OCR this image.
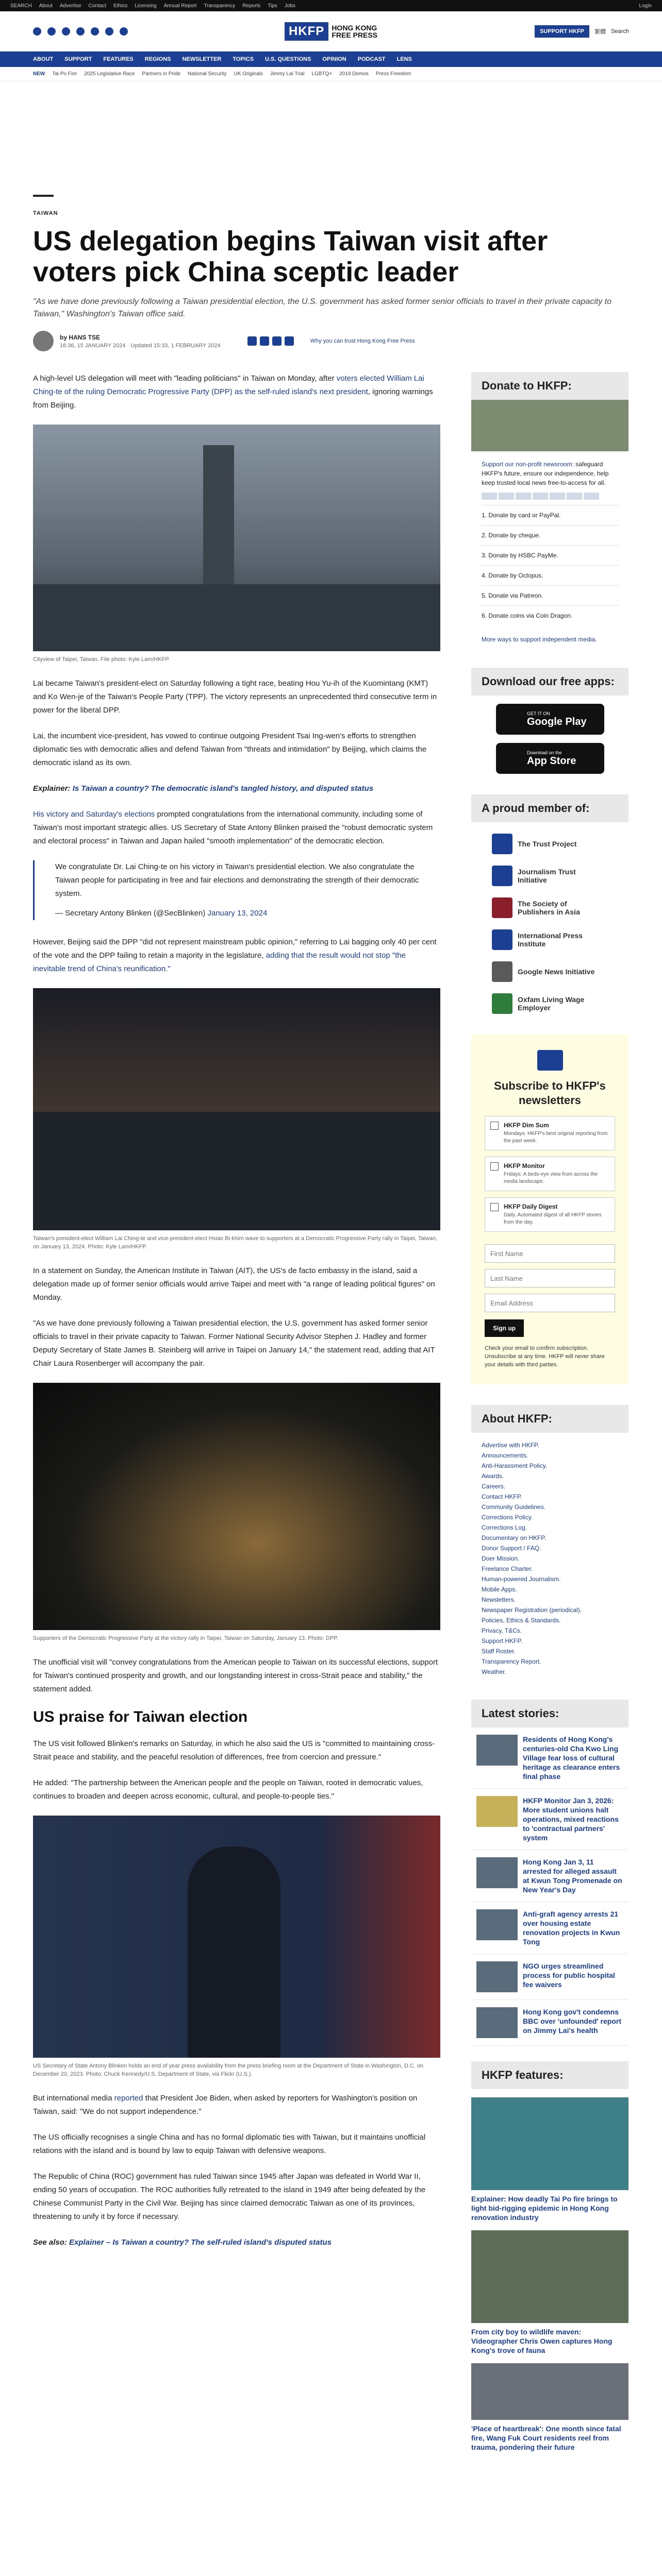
SEARCH About Advertise Contact Ethics Licensing Annual Report Transparency Reports Tips Jobs	Login
HKFP	HONG KONG
FREE PRESS	SUPPORT HKFP	繁體 Search
ABOUT SUPPORT FEATURES REGIONS NEWSLETTER TOPICS U.S. QUESTIONS OPINION PODCAST LENS
NEW Tai Po Fire 2025 Legislative Race Partners in Pride National Security UK Originals Jimmy Lai Trial LGBTQ+ 2019 Demos Press Freedom
TAIWAN
US delegation begins Taiwan visit after voters pick China sceptic leader

"As we have done previously following a Taiwan presidential election, the U.S. government has asked former senior officials to travel in their private capacity to Taiwan," Washington's Taiwan office said.

by HANS TSE
16:36, 15 JANUARY 2024 · Updated 15:33, 1 FEBRUARY 2024
Why you can trust Hong Kong Free Press

A high-level US delegation will meet with "leading politicians" in Taiwan on Monday, after voters elected William Lai Ching-te of the ruling Democratic Progressive Party (DPP) as the self-ruled island's next president, ignoring warnings from Beijing.

Cityview of Taipei, Taiwan. File photo: Kyle Lam/HKFP.

Lai became Taiwan's president-elect on Saturday following a tight race, beating Hou Yu-ih of the Kuomintang (KMT) and Ko Wen-je of the Taiwan's People Party (TPP). The victory represents an unprecedented third consecutive term in power for the liberal DPP.

Lai, the incumbent vice-president, has vowed to continue outgoing President Tsai Ing-wen's efforts to strengthen diplomatic ties with democratic allies and defend Taiwan from "threats and intimidation" by Beijing, which claims the democratic island as its own.

Explainer: Is Taiwan a country? The democratic island's tangled history, and disputed status

His victory and Saturday's elections prompted congratulations from the international community, including some of Taiwan's most important strategic allies. US Secretary of State Antony Blinken praised the "robust democratic system and electoral process" in Taiwan and Japan hailed "smooth implementation" of the democratic election.

We congratulate Dr. Lai Ching-te on his victory in Taiwan's presidential election. We also congratulate the Taiwan people for participating in free and fair elections and demonstrating the strength of their democratic system.

— Secretary Antony Blinken (@SecBlinken) January 13, 2024

However, Beijing said the DPP "did not represent mainstream public opinion," referring to Lai bagging only 40 per cent of the vote and the DPP failing to retain a majority in the legislature, adding that the result would not stop "the inevitable trend of China's reunification."

Taiwan's president-elect William Lai Ching-te and vice-president-elect Hsiao Bi-khim wave to supporters at a Democratic Progressive Party rally in Taipei, Taiwan, on January 13, 2024. Photo: Kyle Lam/HKFP.

In a statement on Sunday, the American Institute in Taiwan (AIT), the US's de facto embassy in the island, said a delegation made up of former senior officials would arrive Taipei and meet with "a range of leading political figures" on Monday.

"As we have done previously following a Taiwan presidential election, the U.S. government has asked former senior officials to travel in their private capacity to Taiwan. Former National Security Advisor Stephen J. Hadley and former Deputy Secretary of State James B. Steinberg will arrive in Taipei on January 14," the statement read, adding that AIT Chair Laura Rosenberger will accompany the pair.

Supporters of the Democratic Progressive Party at the victory rally in Taipei, Taiwan on Saturday, January 13. Photo: DPP.

The unofficial visit will "convey congratulations from the American people to Taiwan on its successful elections, support for Taiwan's continued prosperity and growth, and our longstanding interest in cross-Strait peace and stability," the statement added.

US praise for Taiwan election

The US visit followed Blinken's remarks on Saturday, in which he also said the US is "committed to maintaining cross-Strait peace and stability, and the peaceful resolution of differences, free from coercion and pressure."

He added: "The partnership between the American people and the people on Taiwan, rooted in democratic values, continues to broaden and deepen across economic, cultural, and people-to-people ties."

US Secretary of State Antony Blinken holds an end of year press availability from the press briefing room at the Department of State in Washington, D.C. on December 20, 2023. Photo: Chuck Kennedy/U.S. Department of State, via Flickr (U.S.).

But international media reported that President Joe Biden, when asked by reporters for Washington's position on Taiwan, said: "We do not support independence."

The US officially recognises a single China and has no formal diplomatic ties with Taiwan, but it maintains unofficial relations with the island and is bound by law to equip Taiwan with defensive weapons.

The Republic of China (ROC) government has ruled Taiwan since 1945 after Japan was defeated in World War II, ending 50 years of occupation. The ROC authorities fully retreated to the island in 1949 after being defeated by the Chinese Communist Party in the Civil War. Beijing has since claimed democratic Taiwan as one of its provinces, threatening to unify it by force if necessary.

See also: Explainer – Is Taiwan a country? The self-ruled island's disputed status

Donate to HKFP:

Support our non-profit newsroom: safeguard HKFP's future, ensure our independence, help keep trusted local news free-to-access for all.

1. Donate by card or PayPal.
2. Donate by cheque.
3. Donate by HSBC PayMe.
4. Donate by Octopus.
5. Donate via Patreon.
6. Donate coins via Coin Dragon.
More ways to support independent media.
Download our free apps:
GET IT ON
Google Play
Download on the
App Store
A proud member of:
The Trust Project
Journalism Trust Initiative
The Society of Publishers in Asia
International Press Institute
Google News Initiative
Oxfam Living Wage Employer
Subscribe to HKFP's newsletters
HKFP Dim Sum
Mondays: HKFP's best original reporting from the past week.
HKFP Monitor
Fridays: A birds-eye view from across the media landscape.
HKFP Daily Digest
Daily. Automated digest of all HKFP stories from the day.
First Name Last Name Email Address Sign up

Check your email to confirm subscription. Unsubscribe at any time. HKFP will never share your details with third parties.

About HKFP:
Advertise with HKFP.
Announcements.
Anti-Harassment Policy.
Awards.
Careers.
Contact HKFP.
Community Guidelines.
Corrections Policy.
Corrections Log.
Documentary on HKFP.
Donor Support / FAQ.
Doer Mission.
Freelance Charter.
Human-powered Journalism.
Mobile Apps.
Newsletters.
Newspaper Registration (periodical).
Policies, Ethics & Standards.
Privacy, T&Cs.
Support HKFP.
Staff Roster.
Transparency Report.
Weather.
Latest stories:
Residents of Hong Kong's centuries-old Cha Kwo Ling Village fear loss of cultural heritage as clearance enters final phase
HKFP Monitor Jan 3, 2026: More student unions halt operations, mixed reactions to 'contractual partners' system
Hong Kong Jan 3, 11 arrested for alleged assault at Kwun Tong Promenade on New Year's Day
Anti-graft agency arrests 21 over housing estate renovation projects in Kwun Tong
NGO urges streamlined process for public hospital fee waivers
Hong Kong gov't condemns BBC over 'unfounded' report on Jimmy Lai's health
HKFP features:
Explainer: How deadly Tai Po fire brings to light bid-rigging epidemic in Hong Kong renovation industry
From city boy to wildlife maven: Videographer Chris Owen captures Hong Kong's trove of fauna
'Place of heartbreak': One month since fatal fire, Wang Fuk Court residents reel from trauma, pondering their future
